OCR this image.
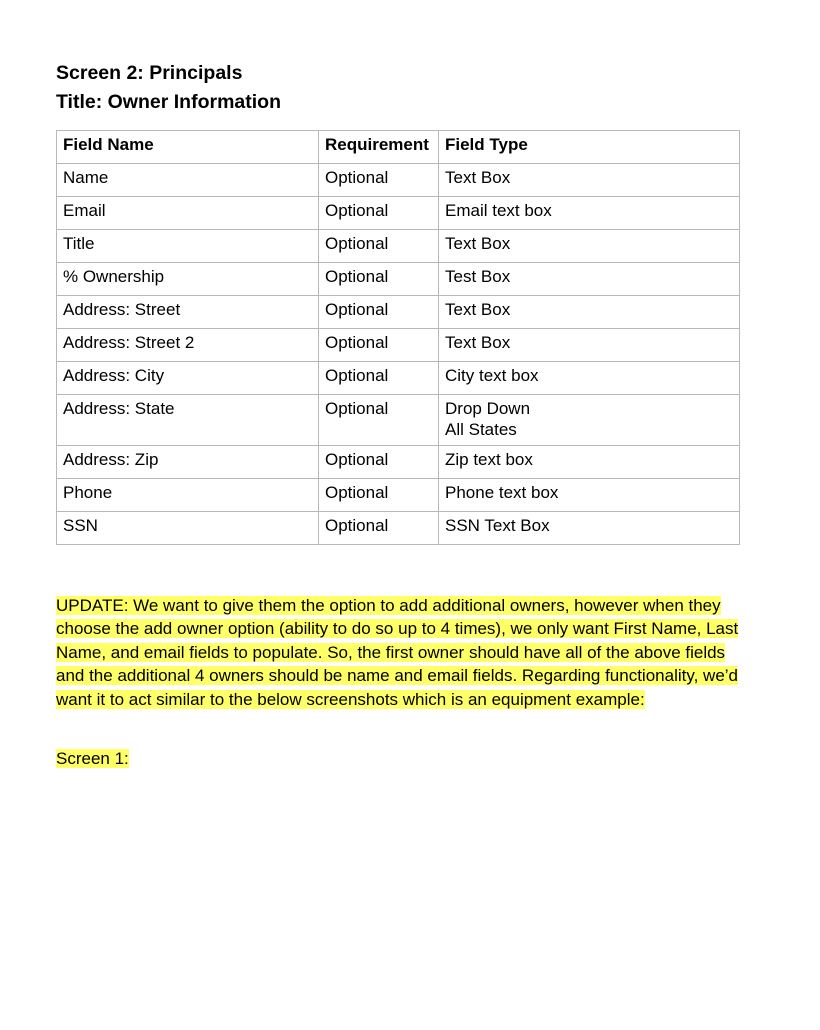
Screen 2: Principals
Title: Owner Information
Field Name	Requirement	Field Type
Name	Optional	Text Box

Email	Optional	Email text box

Title	Optional	Text Box

% Ownership	Optional	Test Box

Address: Street	Optional	Text Box

Address: Street 2	Optional	Text Box

Address: City	Optional	City text box

Address: State	Optional	Drop Down
All States

Address: Zip	Optional	Zip text box

Phone	Optional	Phone text box

SSN	Optional	SSN Text Box

UPDATE: We want to give them the option to add additional owners, however when they choose the add owner option (ability to do so up to 4 times), we only want First Name, Last Name, and email fields to populate. So, the first owner should have all of the above fields and the additional 4 owners should be name and email fields. Regarding functionality, we’d want it to act similar to the below screenshots which is an equipment example:

Screen 1:
